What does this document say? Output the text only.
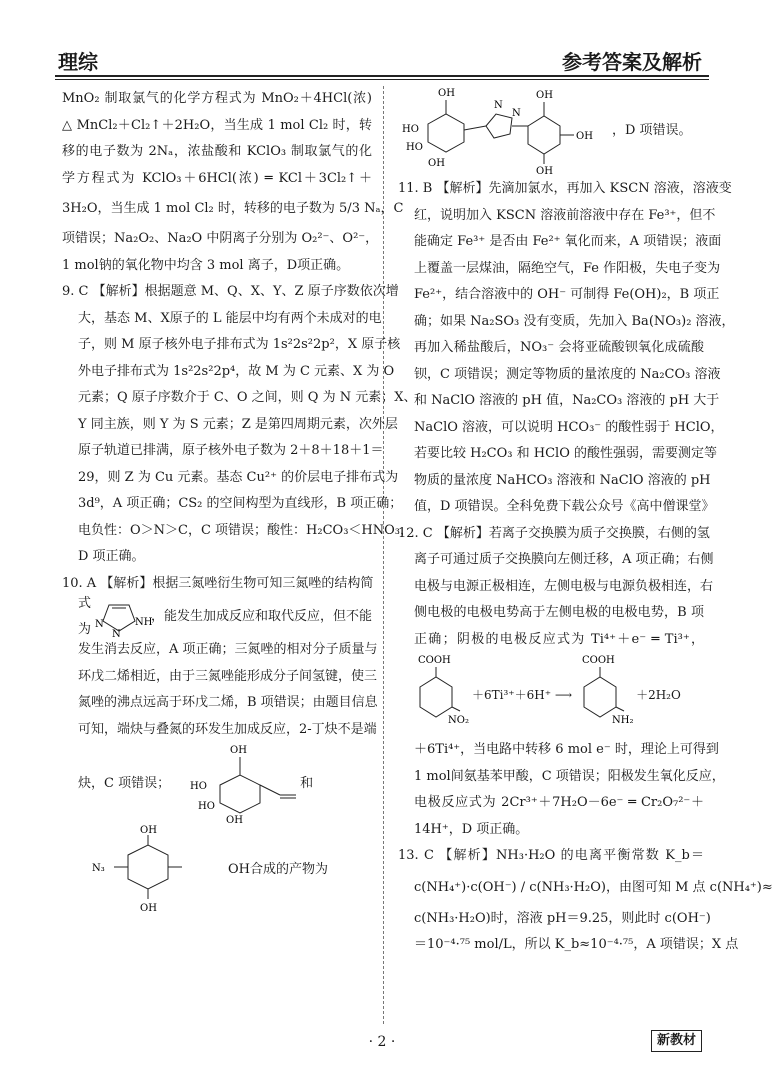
理综	参考答案及解析
MnO₂ 制取氯气的化学方程式为 MnO₂＋4HCl(浓)
△ MnCl₂＋Cl₂↑＋2H₂O，当生成 1 mol Cl₂ 时，转
移的电子数为 2Nₐ，浓盐酸和 KClO₃ 制取氯气的化
学方程式为 KClO₃＋6HCl(浓) ═ KCl＋3Cl₂↑＋
3H₂O，当生成 1 mol Cl₂ 时，转移的电子数为 5/3 Nₐ，C
项错误；Na₂O₂、Na₂O 中阴离子分别为 O₂²⁻、O²⁻，
1 mol钠的氧化物中均含 3 mol 离子，D项正确。
9. C 【解析】根据题意 M、Q、X、Y、Z 原子序数依次增
大，基态 M、X原子的 L 能层中均有两个未成对的电
子，则 M 原子核外电子排布式为 1s²2s²2p²，X 原子核
外电子排布式为 1s²2s²2p⁴，故 M 为 C 元素、X 为 O
元素；Q 原子序数介于 C、O 之间，则 Q 为 N 元素；X、
Y 同主族，则 Y 为 S 元素；Z 是第四周期元素，次外层
原子轨道已排满，原子核外电子数为 2＋8＋18＋1＝
29，则 Z 为 Cu 元素。基态 Cu²⁺ 的价层电子排布式为
3d⁹，A 项正确；CS₂ 的空间构型为直线形，B 项正确；
电负性：O＞N＞C，C 项错误；酸性：H₂CO₃＜HNO₃，
D 项正确。
10. A 【解析】根据三氮唑衍生物可知三氮唑的结构简
式为 N
N
NH
，能发生加成反应和取代反应，但不能
发生消去反应，A 项正确；三氮唑的相对分子质量与
环戊二烯相近，由于三氮唑能形成分子间氢键，使三
氮唑的沸点远高于环戊二烯，B 项错误；由题目信息
可知，端炔与叠氮的环发生加成反应，2-丁炔不是端
炔，C 项错误；
OH
HO
HO
OH
和
OH
OH
N₃	OH合成的产物为
OH
HO
HO
OH
N
N
OH
OH
OH
，D 项错误。
11. B 【解析】先滴加氯水，再加入 KSCN 溶液，溶液变
红，说明加入 KSCN 溶液前溶液中存在 Fe³⁺，但不
能确定 Fe³⁺ 是否由 Fe²⁺ 氧化而来，A 项错误；液面
上覆盖一层煤油，隔绝空气，Fe 作阳极，失电子变为
Fe²⁺，结合溶液中的 OH⁻ 可制得 Fe(OH)₂，B 项正
确；如果 Na₂SO₃ 没有变质，先加入 Ba(NO₃)₂ 溶液，
再加入稀盐酸后，NO₃⁻ 会将亚硫酸钡氧化成硫酸
钡，C 项错误；测定等物质的量浓度的 Na₂CO₃ 溶液
和 NaClO 溶液的 pH 值，Na₂CO₃ 溶液的 pH 大于
NaClO 溶液，可以说明 HCO₃⁻ 的酸性弱于 HClO，
若要比较 H₂CO₃ 和 HClO 的酸性强弱，需要测定等
物质的量浓度 NaHCO₃ 溶液和 NaClO 溶液的 pH
值，D 项错误。全科免费下载公众号《高中僧课堂》
12. C 【解析】若离子交换膜为质子交换膜，右侧的氢
离子可通过质子交换膜向左侧迁移，A 项正确；右侧
电极与电源正极相连，左侧电极与电源负极相连，右
侧电极的电极电势高于左侧电极的电极电势，B 项
正确；阴极的电极反应式为 Ti⁴⁺＋e⁻ ═ Ti³⁺，
COOH
NO₂
＋6Ti³⁺＋6H⁺ ⟶
COOH
NH₂
＋2H₂O
＋6Ti⁴⁺，当电路中转移 6 mol e⁻ 时，理论上可得到
1 mol间氨基苯甲酸，C 项错误；阳极发生氧化反应，
电极反应式为 2Cr³⁺＋7H₂O－6e⁻ ═ Cr₂O₇²⁻＋
14H⁺，D 项正确。
13. C 【解析】NH₃·H₂O 的电离平衡常数 K_b＝
c(NH₄⁺)·c(OH⁻) / c(NH₃·H₂O)，由图可知 M 点 c(NH₄⁺)≈
c(NH₃·H₂O)时，溶液 pH＝9.25，则此时 c(OH⁻)
＝10⁻⁴·⁷⁵ mol/L，所以 K_b≈10⁻⁴·⁷⁵，A 项错误；X 点
· 2 ·	新教材
